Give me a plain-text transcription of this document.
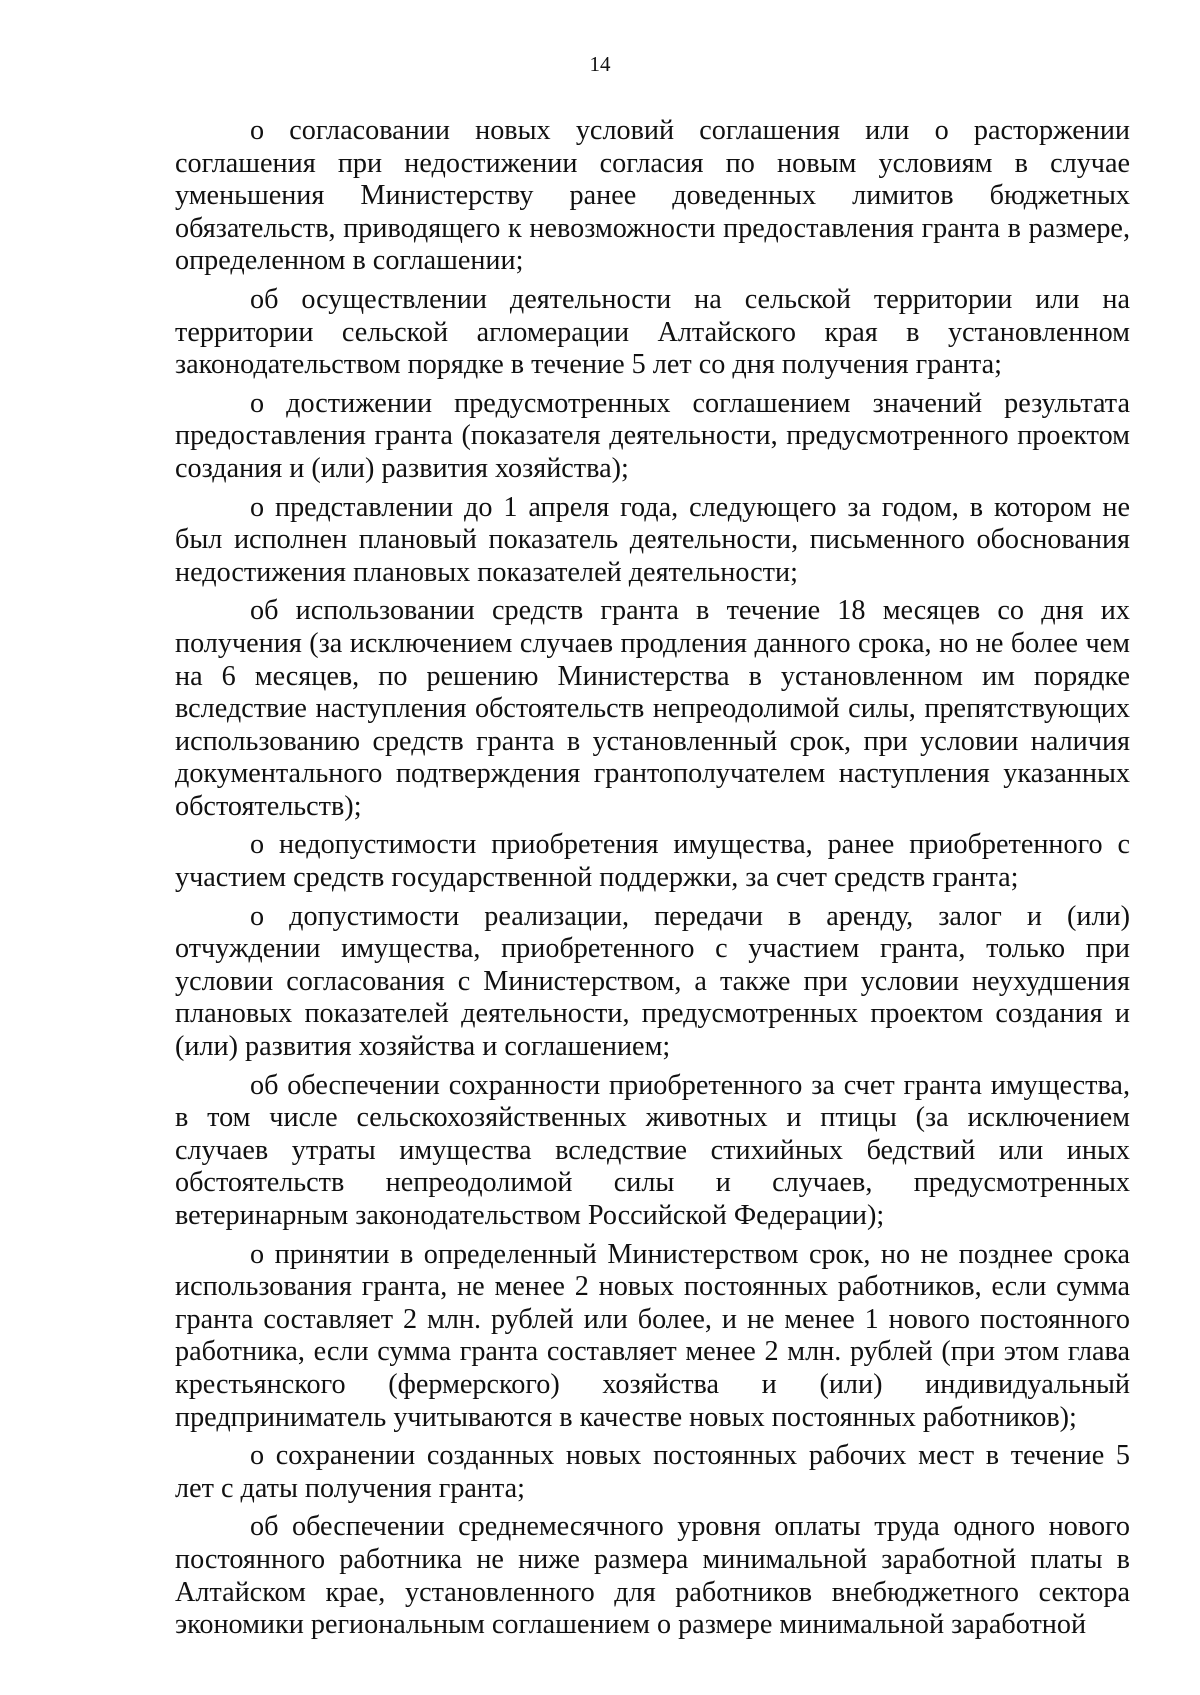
14

о согласовании новых условий соглашения или о расторжении соглашения при недостижении согласия по новым условиям в случае уменьшения Министерству ранее доведенных лимитов бюджетных обязательств, приводящего к невозможности предоставления гранта в размере, определенном в соглашении;

об осуществлении деятельности на сельской территории или на территории сельской агломерации Алтайского края в установленном законодательством порядке в течение 5 лет со дня получения гранта;

о достижении предусмотренных соглашением значений результата предоставления гранта (показателя деятельности, предусмотренного проектом создания и (или) развития хозяйства);

о представлении до 1 апреля года, следующего за годом, в котором не был исполнен плановый показатель деятельности, письменного обоснования недостижения плановых показателей деятельности;

об использовании средств гранта в течение 18 месяцев со дня их получения (за исключением случаев продления данного срока, но не более чем на 6 месяцев, по решению Министерства в установленном им порядке вследствие наступления обстоятельств непреодолимой силы, препятствующих использованию средств гранта в установленный срок, при условии наличия документального подтверждения грантополучателем наступления указанных обстоятельств);

о недопустимости приобретения имущества, ранее приобретенного с участием средств государственной поддержки, за счет средств гранта;

о допустимости реализации, передачи в аренду, залог и (или) отчуждении имущества, приобретенного с участием гранта, только при условии согласования с Министерством, а также при условии неухудшения плановых показателей деятельности, предусмотренных проектом создания и (или) развития хозяйства и соглашением;

об обеспечении сохранности приобретенного за счет гранта имущества, в том числе сельскохозяйственных животных и птицы (за исключением случаев утраты имущества вследствие стихийных бедствий или иных обстоятельств непреодолимой силы и случаев, предусмотренных ветеринарным законодательством Российской Федерации);

о принятии в определенный Министерством срок, но не позднее срока использования гранта, не менее 2 новых постоянных работников, если сумма гранта составляет 2 млн. рублей или более, и не менее 1 нового постоянного работника, если сумма гранта составляет менее 2 млн. рублей (при этом глава крестьянского (фермерского) хозяйства и (или) индивидуальный предприниматель учитываются в качестве новых постоянных работников);

о сохранении созданных новых постоянных рабочих мест в течение 5 лет с даты получения гранта;

об обеспечении среднемесячного уровня оплаты труда одного нового постоянного работника не ниже размера минимальной заработной платы в Алтайском крае, установленного для работников внебюджетного сектора экономики региональным соглашением о размере минимальной заработной
